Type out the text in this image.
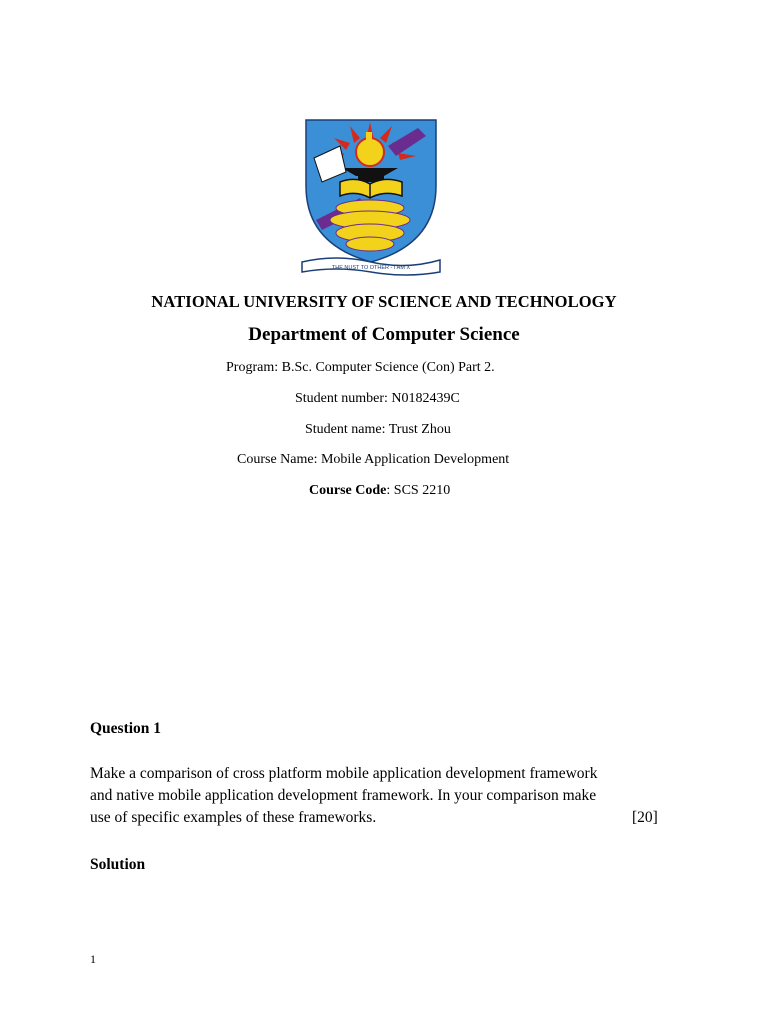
THE NUST TO OTHER - I AM X
NATIONAL UNIVERSITY OF SCIENCE AND TECHNOLOGY
Department of Computer Science
Program: B.Sc. Computer Science (Con) Part 2.
Student number: N0182439C
Student name: Trust Zhou
Course Name: Mobile Application Development
Course Code: SCS 2210
Question 1
Make a comparison of cross platform mobile application development framework
and native mobile application development framework. In your comparison make
use of specific examples of these frameworks.	[20]
Solution
1
